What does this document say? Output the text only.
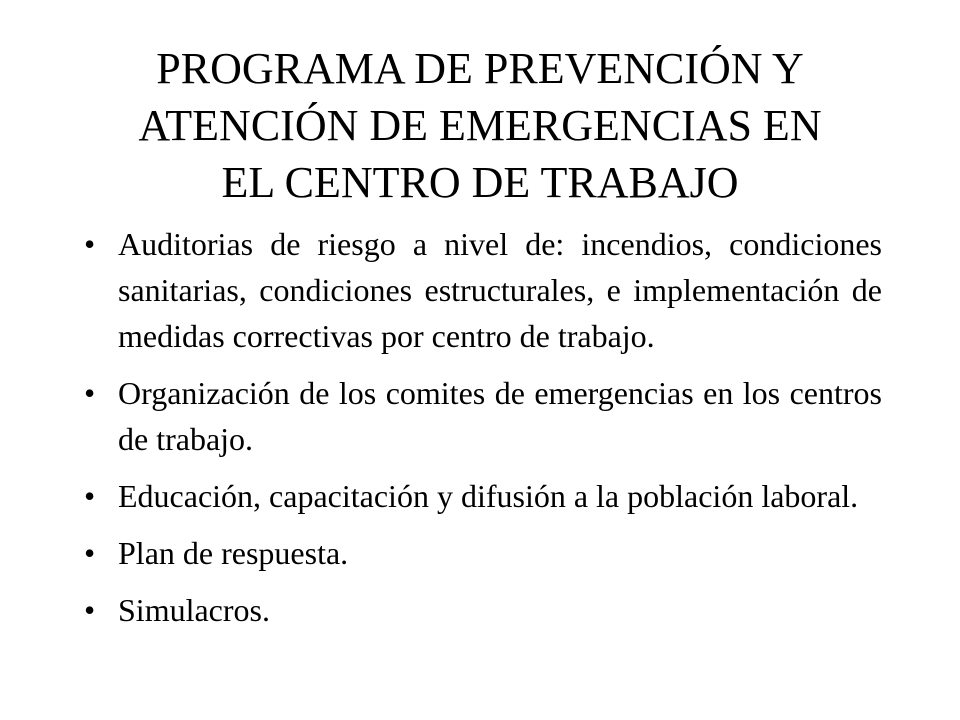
PROGRAMA DE PREVENCIÓN Y
ATENCIÓN DE EMERGENCIAS EN
EL CENTRO DE TRABAJO
• Auditorias de riesgo a nivel de: incendios, condiciones sanitarias, condiciones estructurales, e implementación de medidas correctivas por centro de trabajo.
• Organización de los comites de emergencias en los centros de trabajo.
• Educación, capacitación y difusión a la población laboral.
• Plan de respuesta.
• Simulacros.
